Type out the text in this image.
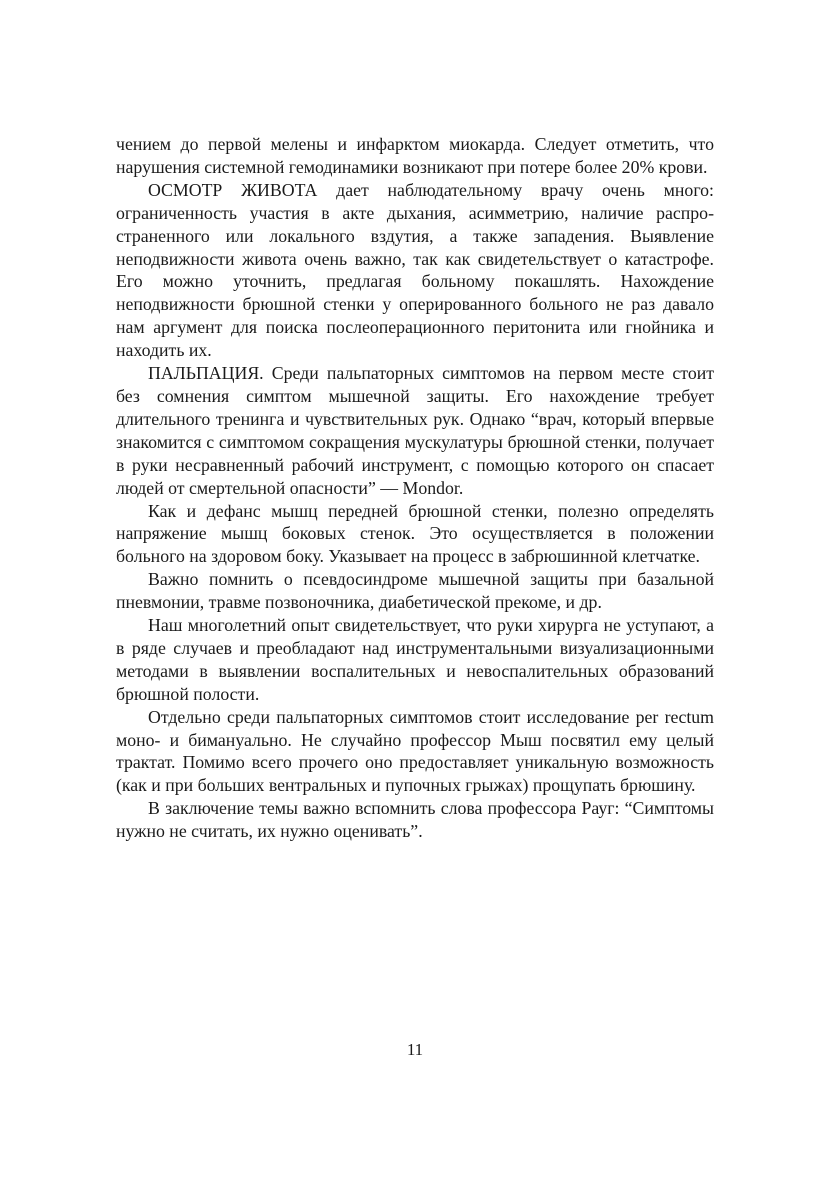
чением до первой мелены и инфарктом миокарда. Следует отметить, что нарушения системной гемодинамики возникают при потере более 20% крови.

ОСМОТР ЖИВОТА дает наблюдательному врачу очень много: ограниченность участия в акте дыхания, асимметрию, наличие распространенного или локального вздутия, а также западения. Выявление неподвижности живота очень важно, так как свидетельствует о катастрофе. Его можно уточнить, предлагая больному покашлять. Нахождение неподвижности брюшной стенки у оперированного больного не раз давало нам аргумент для поиска послеоперационного перитонита или гнойника и находить их.

ПАЛЬПАЦИЯ. Среди пальпаторных симптомов на первом месте стоит без сомнения симптом мышечной защиты. Его нахождение требует длительного тренинга и чувствительных рук. Однако “врач, который впервые знакомится с симптомом сокращения мускулатуры брюшной стенки, получает в руки несравненный рабочий инструмент, с помощью которого он спасает людей от смертельной опасности” — Mondor.

Как и дефанс мышц передней брюшной стенки, полезно определять напряжение мышц боковых стенок. Это осуществляется в положении больного на здоровом боку. Указывает на процесс в забрюшинной клетчатке.

Важно помнить о псевдосиндроме мышечной защиты при базальной пневмонии, травме позвоночника, диабетической прекоме, и др.

Наш многолетний опыт свидетельствует, что руки хирурга не уступают, а в ряде случаев и преобладают над инструментальными визуализационными методами в выявлении воспалительных и невоспалительных образований брюшной полости.

Отдельно среди пальпаторных симптомов стоит исследование per rectum моно- и бимануально. Не случайно профессор Мыш посвятил ему целый трактат. Помимо всего прочего оно предоставляет уникальную возможность (как и при больших вентральных и пупочных грыжах) прощупать брюшину.

В заключение темы важно вспомнить слова профессора Рауг: “Симптомы нужно не считать, их нужно оценивать”.

11
